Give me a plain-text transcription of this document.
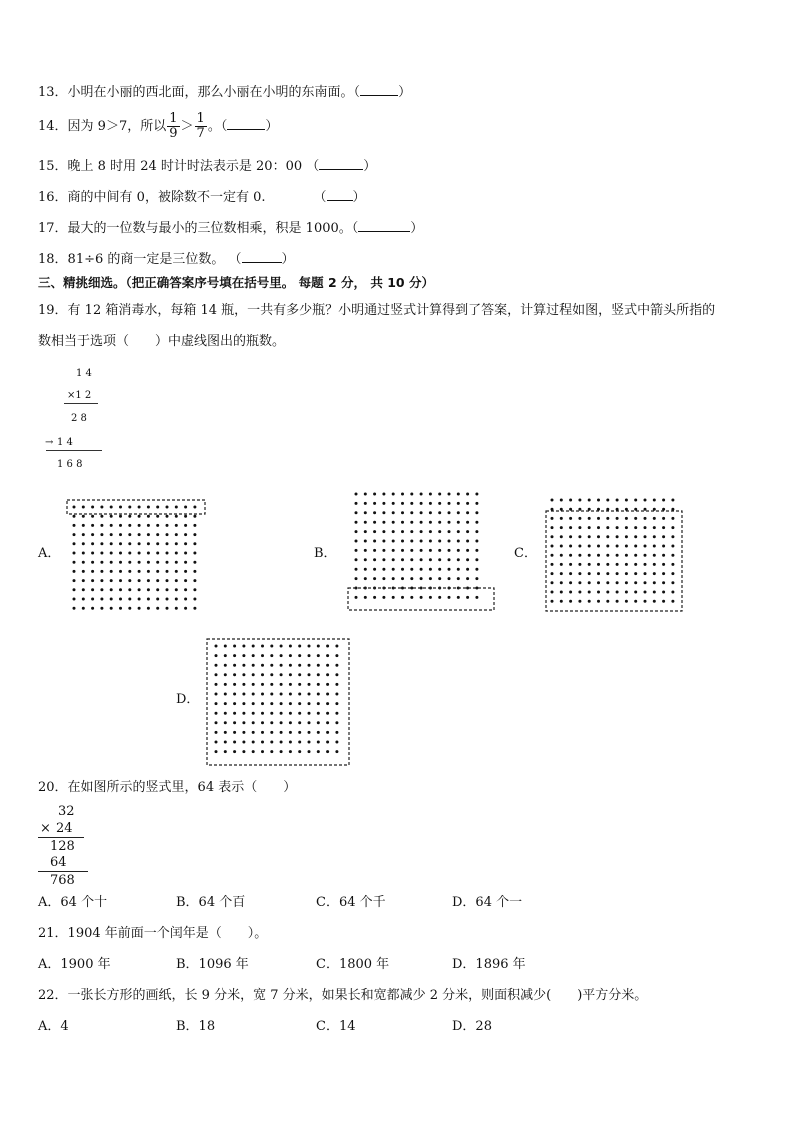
13．小明在小丽的西北面，那么小丽在小明的东南面。（	）
14．因为 9＞7，所以 $\frac{1}{9} > \frac{1}{7}$ 。（	）
15．晚上 8 时用 24 时计时法表示是 20：00 （	）
16．商的中间有 0，被除数不一定有 0.	（ ）
17．最大的一位数与最小的三位数相乘，积是 1000。（	）
18．81÷6 的商一定是三位数。 （	）
三、精挑细选。（把正确答案序号填在括号里。 每题 2 分， 共 10 分）
19．有 12 箱消毒水，每箱 14 瓶，一共有多少瓶？小明通过竖式计算得到了答案，计算过程如图，竖式中箭头所指的
数相当于选项（　　）中虚线图出的瓶数。
1 4
×1 2
2 8
→ 1 4
1 6 8
A．	B．	C．
D．
20．在如图所示的竖式里，64 表示（　　）
32
× 24
128
64
768
A．64 个十	B．64 个百	C．64 个千	D．64 个一
21．1904 年前面一个闰年是（　　）。
A．1900 年	B．1096 年	C．1800 年	D．1896 年
22．一张长方形的画纸，长 9 分米，宽 7 分米，如果长和宽都减少 2 分米，则面积减少(　　)平方分米。
A．4	B．18	C．14	D．28
